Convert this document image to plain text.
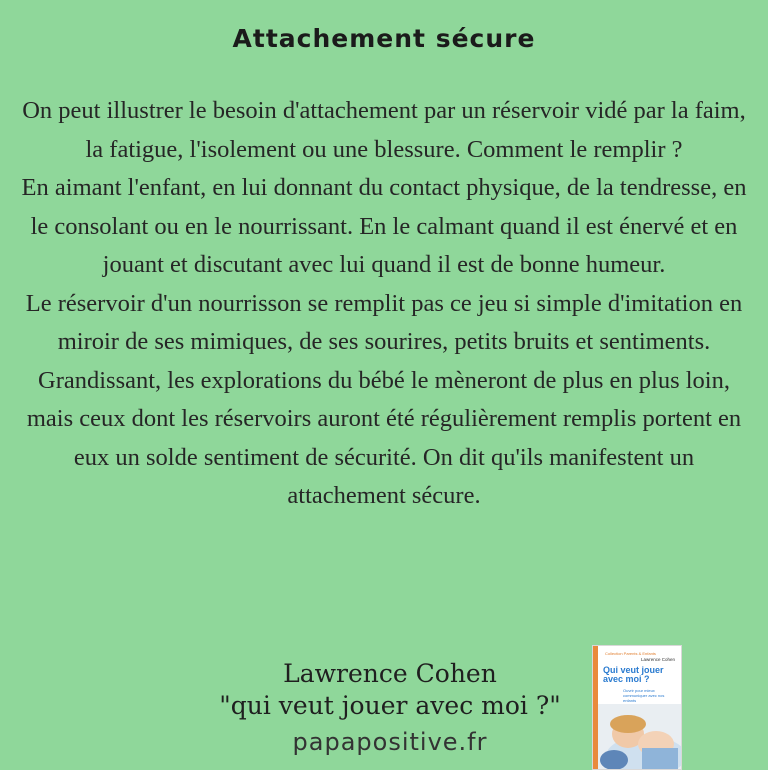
Attachement sécure

On peut illustrer le besoin d'attachement par un réservoir vidé par la faim, la fatigue, l'isolement ou une blessure. Comment le remplir ?

En aimant l'enfant, en lui donnant du contact physique, de la tendresse, en le consolant ou en le nourrissant. En le calmant quand il est énervé et en jouant et discutant avec lui quand il est de bonne humeur.

Le réservoir d'un nourrisson se remplit pas ce jeu si simple d'imitation en miroir de ses mimiques, de ses sourires, petits bruits et sentiments.

Grandissant, les explorations du bébé le mèneront de plus en plus loin, mais ceux dont les réservoirs auront été régulièrement remplis portent en eux un solde sentiment de sécurité. On dit qu'ils manifestent un attachement sécure.

Lawrence Cohen
"qui veut jouer avec moi ?"
papapositive.fr
Collection Parents & Enfants
Lawrence Cohen
Qui veut jouer avec moi ?
Ouvrir pour mieux communiquer avec nos enfants
